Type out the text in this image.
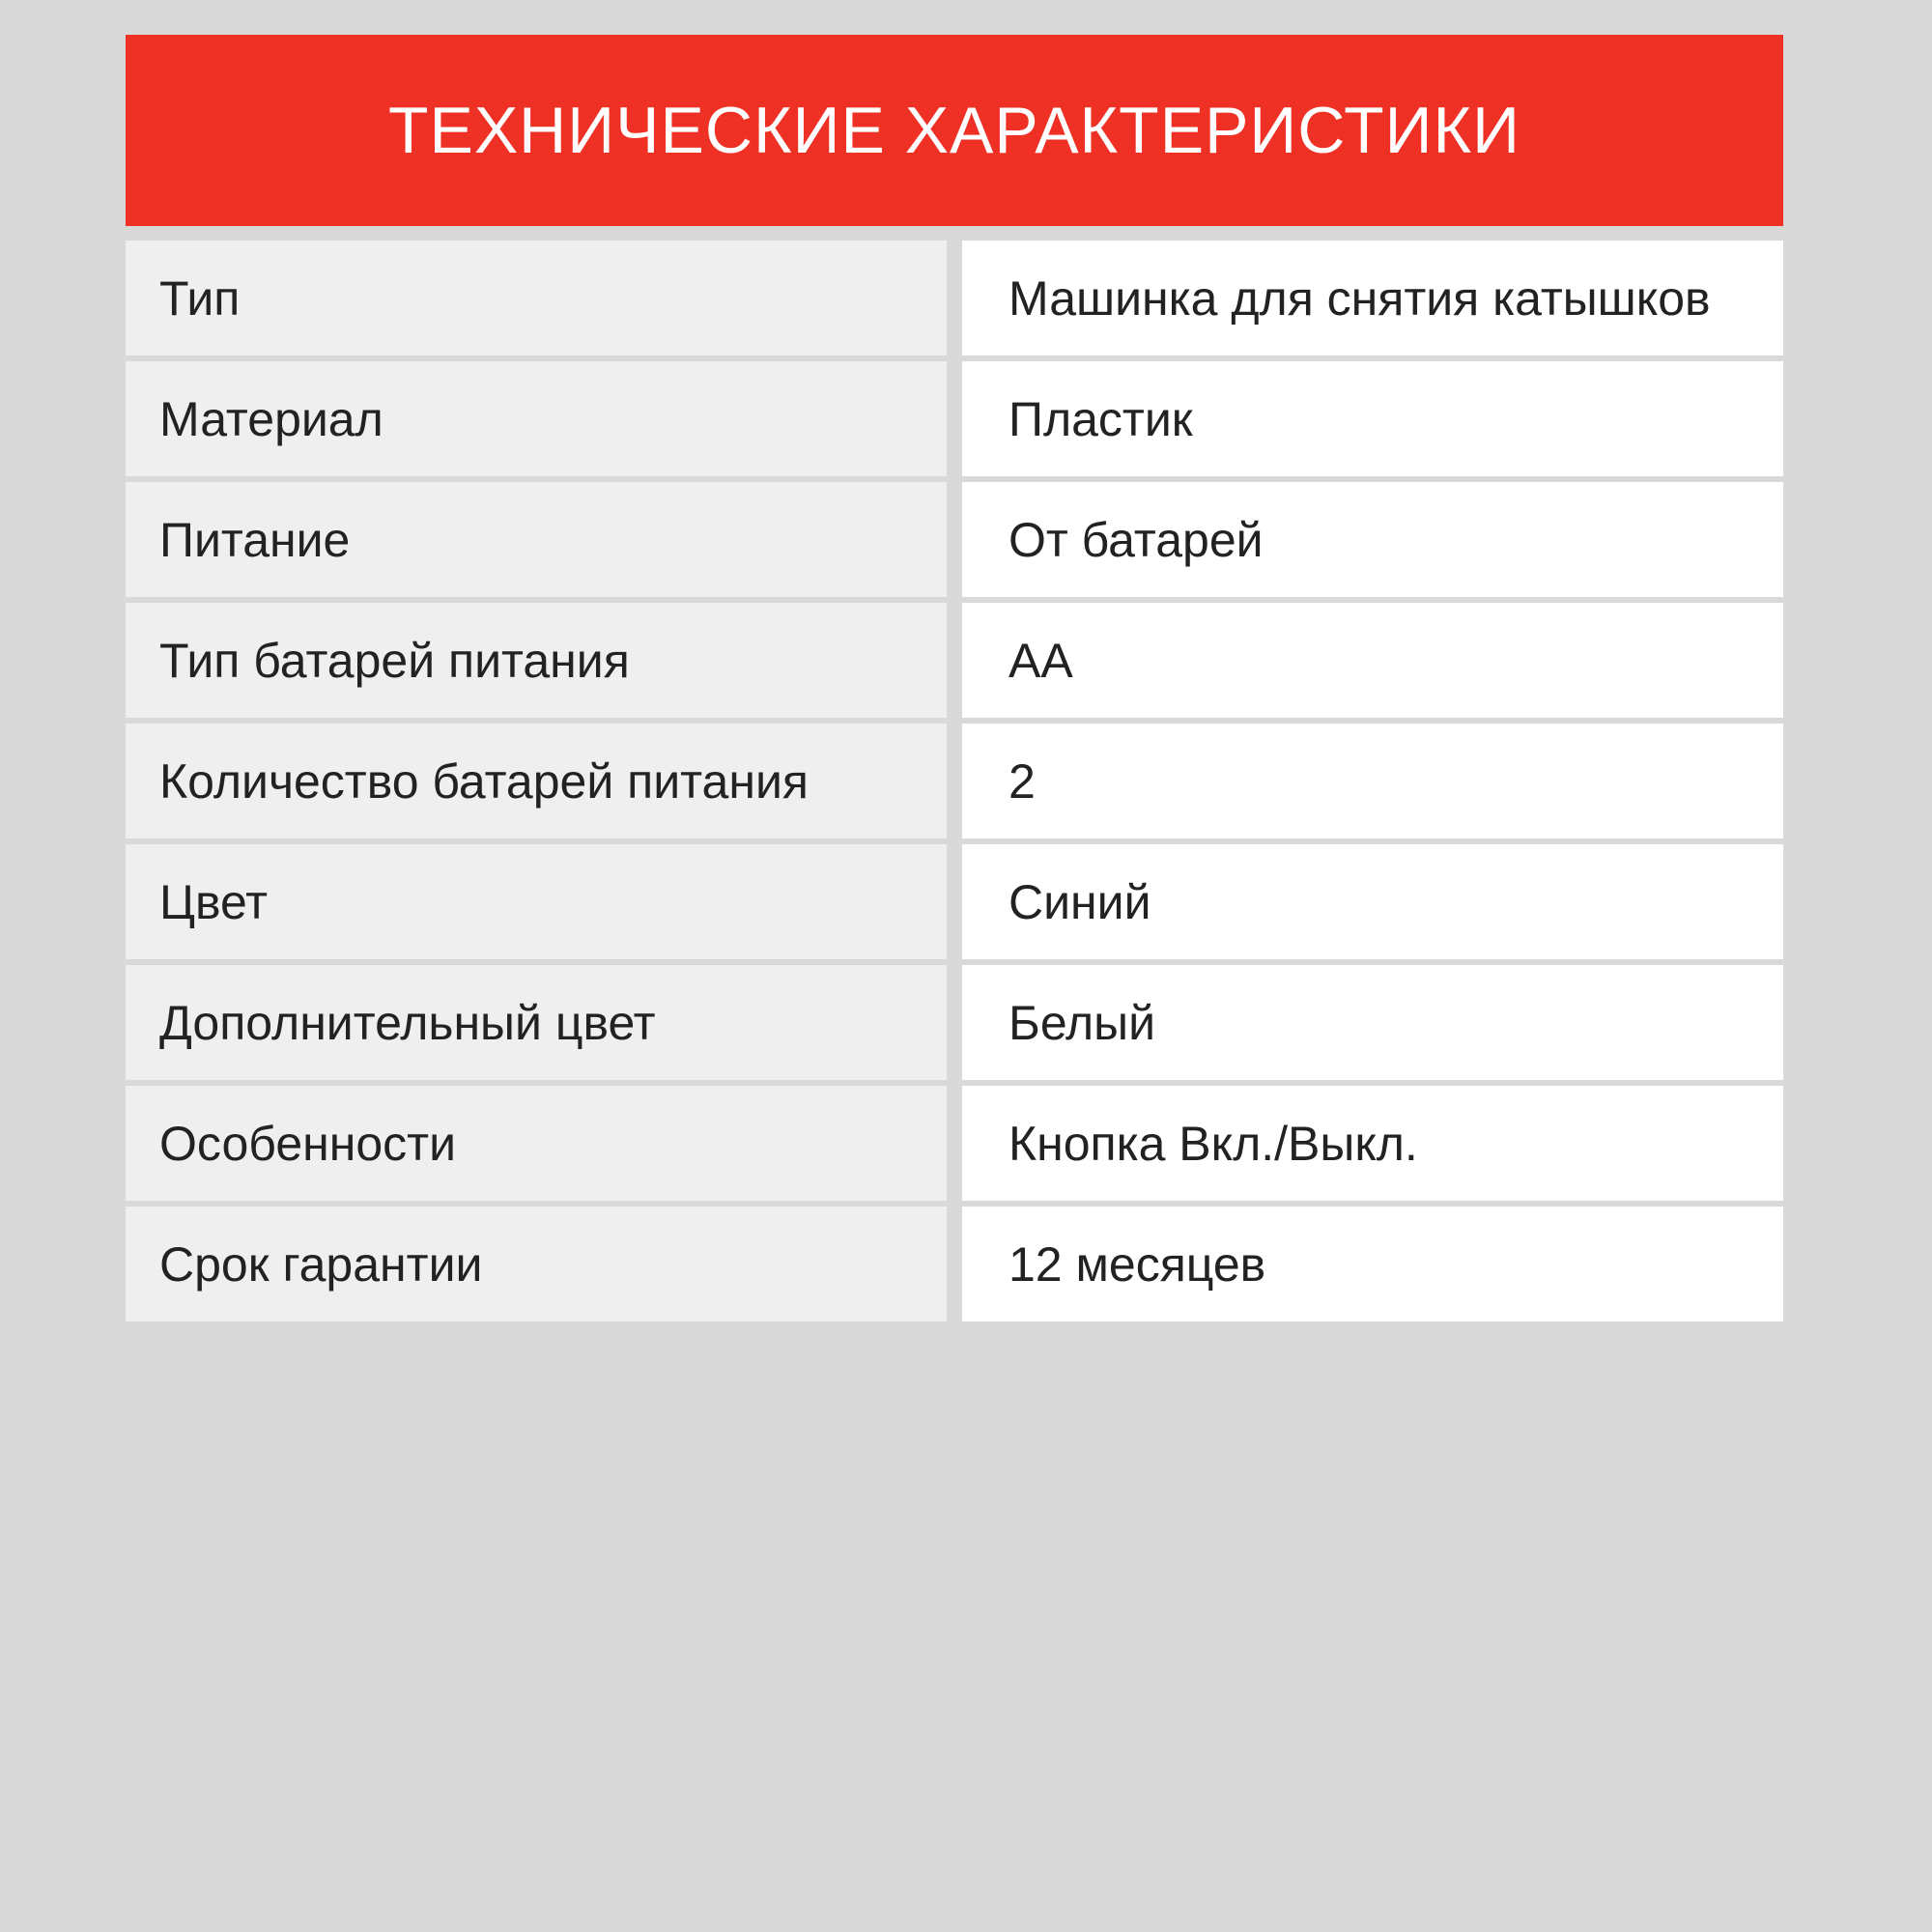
ТЕХНИЧЕСКИЕ ХАРАКТЕРИСТИКИ
Тип	Машинка для снятия катышков
Материал	Пластик
Питание	От батарей
Тип батарей питания	AA
Количество батарей питания	2
Цвет	Синий
Дополнительный цвет	Белый
Особенности	Кнопка Вкл./Выкл.
Срок гарантии	12 месяцев
